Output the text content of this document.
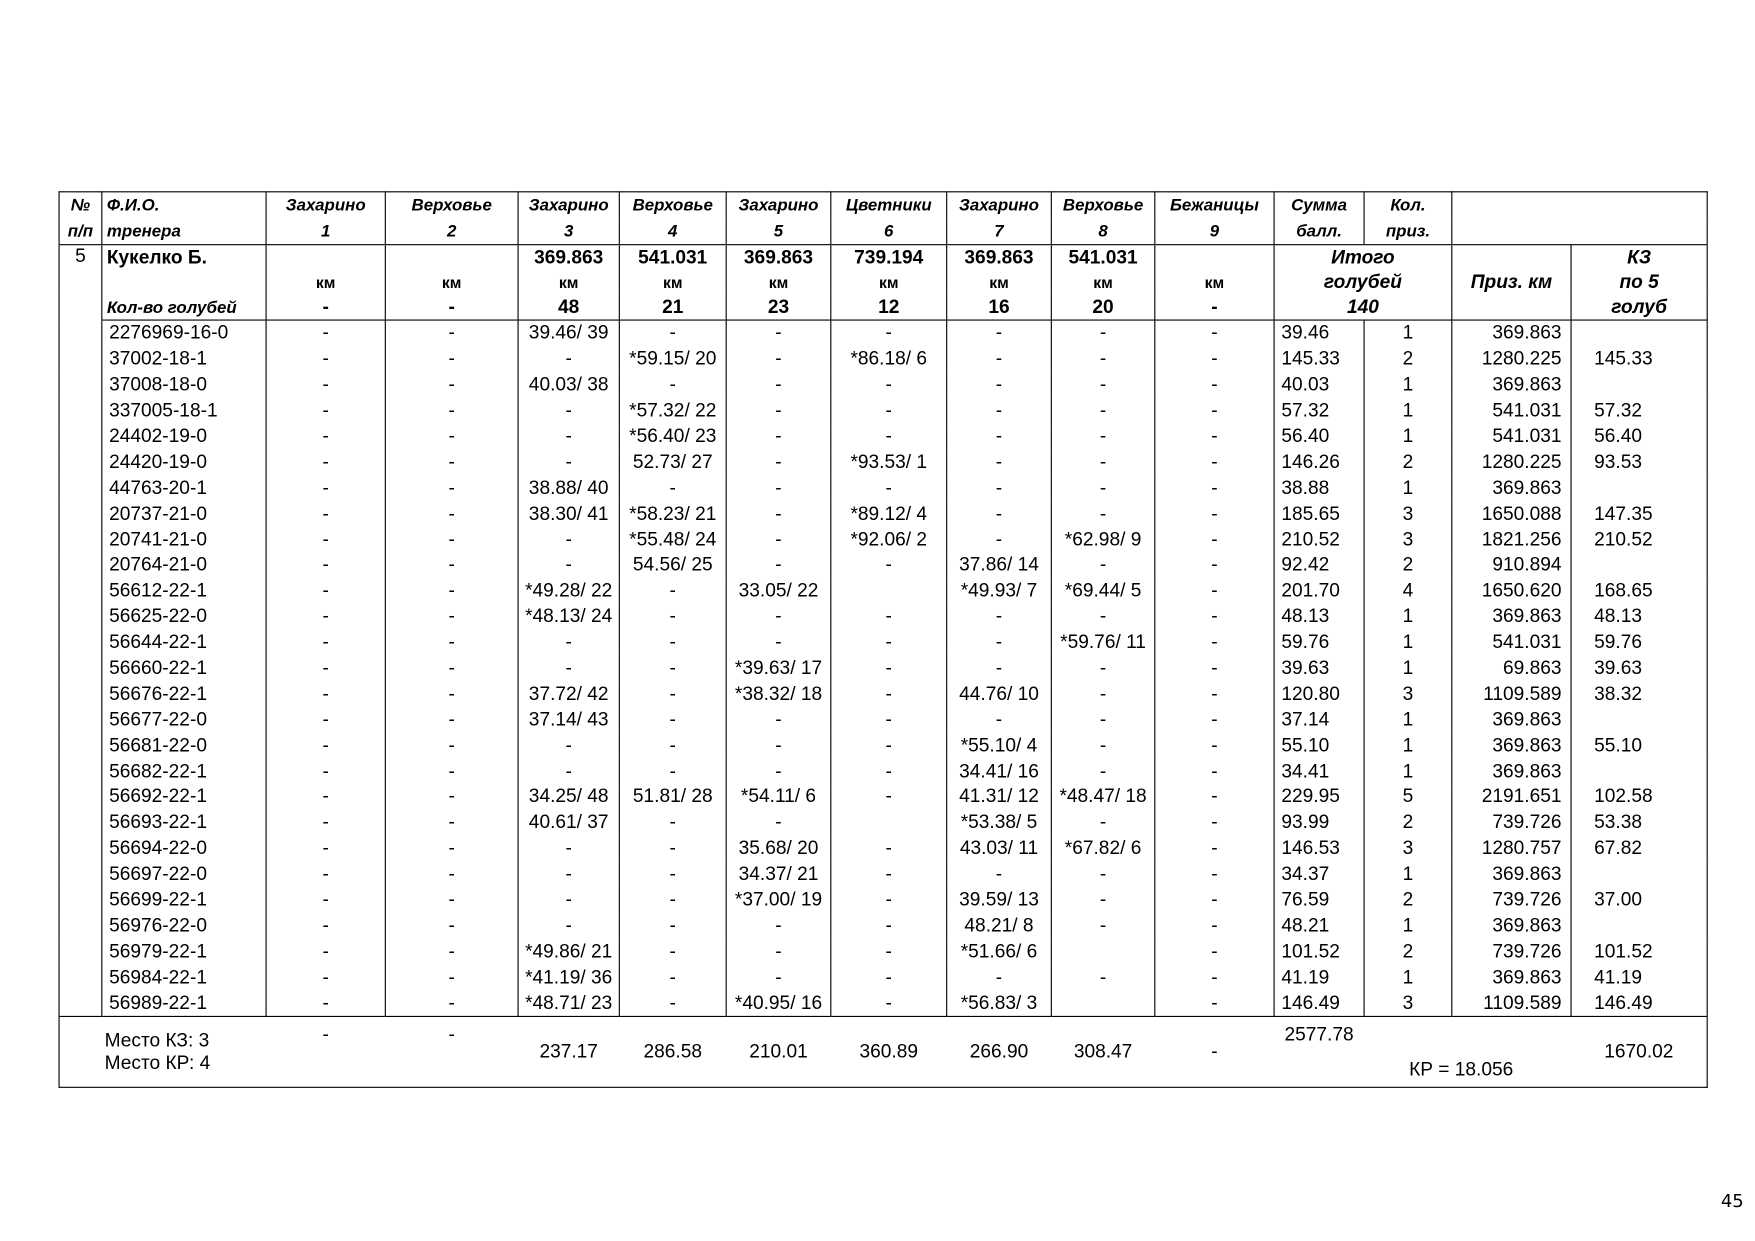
№	Ф.И.О.	Захарино	Верховье	Захарино	Верховье	Захарино	Цветники	Захарино	Верховье	Бежаницы	Сумма	Кол.		
п/п	тренера	1	2	3	4	5	6	7	8	9	балл.	приз.		
5	Кукелко Б.			369.863	541.031	369.863	739.194	369.863	541.031		Итого			КЗ
		км	км	км	км	км	км	км	км	км	голубей		Приз. км	по 5
	Кол-во голубей	-	-	48	21	23	12	16	20	-	140			голуб
	2276969-16-0	-	-	39.46/ 39	-	-	-	-	-	-	39.46	1	369.863	
	37002-18-1	-	-	-	*59.15/ 20	-	*86.18/ 6	-	-	-	145.33	2	1280.225	145.33
	37008-18-0	-	-	40.03/ 38	-	-	-	-	-	-	40.03	1	369.863	
	337005-18-1	-	-	-	*57.32/ 22	-	-	-	-	-	57.32	1	541.031	57.32
	24402-19-0	-	-	-	*56.40/ 23	-	-	-	-	-	56.40	1	541.031	56.40
	24420-19-0	-	-	-	52.73/ 27	-	*93.53/ 1	-	-	-	146.26	2	1280.225	93.53
	44763-20-1	-	-	38.88/ 40	-	-	-	-	-	-	38.88	1	369.863	
	20737-21-0	-	-	38.30/ 41	*58.23/ 21	-	*89.12/ 4	-	-	-	185.65	3	1650.088	147.35
	20741-21-0	-	-	-	*55.48/ 24	-	*92.06/ 2	-	*62.98/ 9	-	210.52	3	1821.256	210.52
	20764-21-0	-	-	-	54.56/ 25	-	-	37.86/ 14	-	-	92.42	2	910.894	
	56612-22-1	-	-	*49.28/ 22	-	33.05/ 22		*49.93/ 7	*69.44/ 5	-	201.70	4	1650.620	168.65
	56625-22-0	-	-	*48.13/ 24	-	-	-	-	-	-	48.13	1	369.863	48.13
	56644-22-1	-	-	-	-	-	-	-	*59.76/ 11	-	59.76	1	541.031	59.76
	56660-22-1	-	-	-	-	*39.63/ 17	-	-	-	-	39.63	1	69.863	39.63
	56676-22-1	-	-	37.72/ 42	-	*38.32/ 18	-	44.76/ 10	-	-	120.80	3	1109.589	38.32
	56677-22-0	-	-	37.14/ 43	-	-	-	-	-	-	37.14	1	369.863	
	56681-22-0	-	-	-	-	-	-	*55.10/ 4	-	-	55.10	1	369.863	55.10
	56682-22-1	-	-	-	-	-	-	34.41/ 16	-	-	34.41	1	369.863	
	56692-22-1	-	-	34.25/ 48	51.81/ 28	*54.11/ 6	-	41.31/ 12	*48.47/ 18	-	229.95	5	2191.651	102.58
	56693-22-1	-	-	40.61/ 37	-	-		*53.38/ 5	-	-	93.99	2	739.726	53.38
	56694-22-0	-	-	-	-	35.68/ 20	-	43.03/ 11	*67.82/ 6	-	146.53	3	1280.757	67.82
	56697-22-0	-	-	-	-	34.37/ 21	-	-	-	-	34.37	1	369.863	
	56699-22-1	-	-	-	-	*37.00/ 19	-	39.59/ 13	-	-	76.59	2	739.726	37.00
	56976-22-0	-	-	-	-	-	-	48.21/ 8	-	-	48.21	1	369.863	
	56979-22-1	-	-	*49.86/ 21	-	-	-	*51.66/ 6		-	101.52	2	739.726	101.52
	56984-22-1	-	-	*41.19/ 36	-	-	-	-	-	-	41.19	1	369.863	41.19
	56989-22-1	-	-	*48.71/ 23	-	*40.95/ 16	-	*56.83/ 3		-	146.49	3	1109.589	146.49

Место КЗ: 3
Место КР: 4		-	-	237.17	286.58	210.01	360.89	266.90	308.47	-	2577.78	КР = 18.056		1670.02
45
